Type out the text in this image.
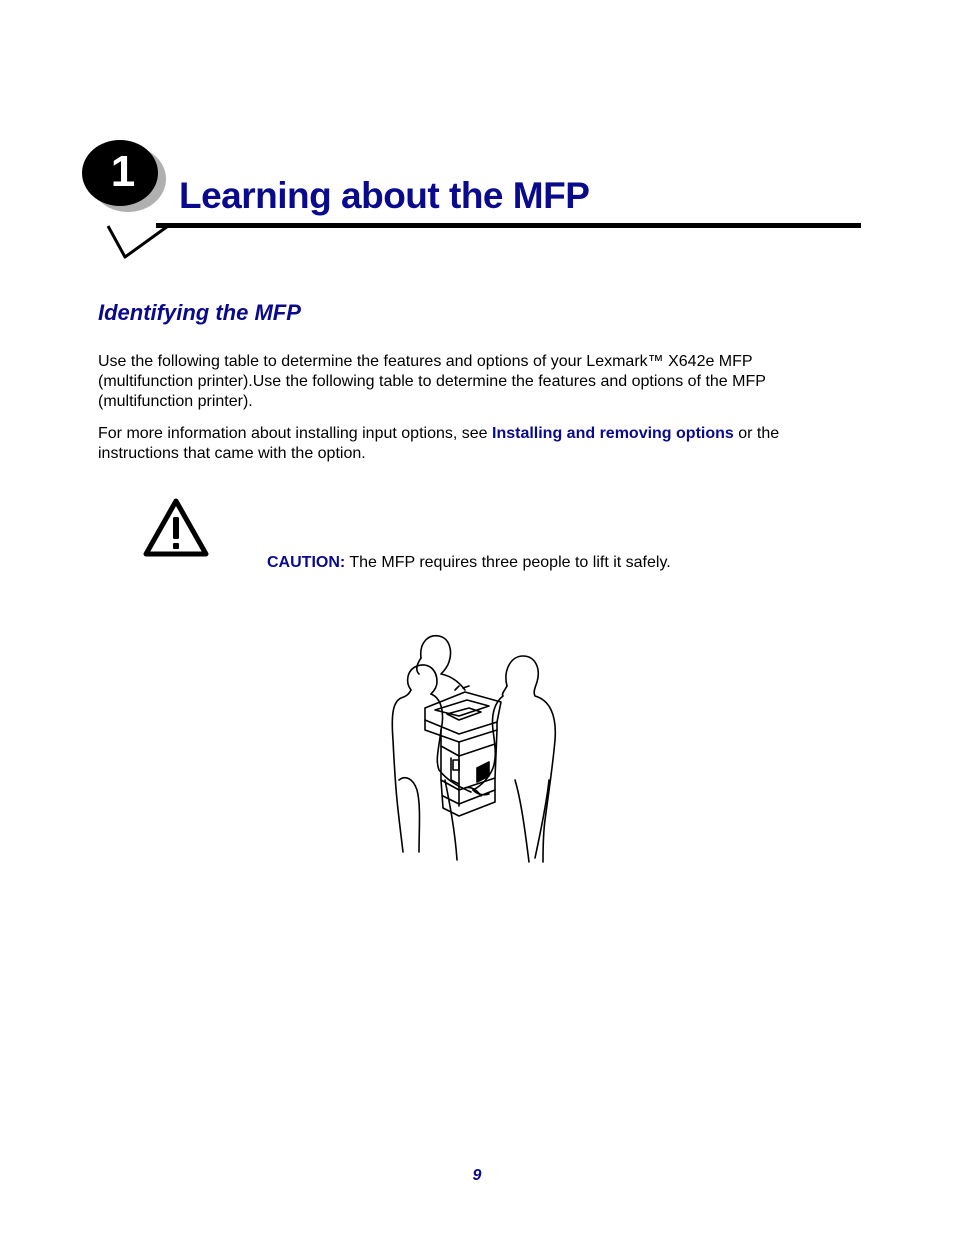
1	Learning about the MFP
Identifying the MFP

Use the following table to determine the features and options of your Lexmark™ X642e MFP (multifunction printer).Use the following table to determine the features and options of the MFP (multifunction printer).

For more information about installing input options, see Installing and removing options or the instructions that came with the option.

CAUTION: The MFP requires three people to lift it safely.

9
